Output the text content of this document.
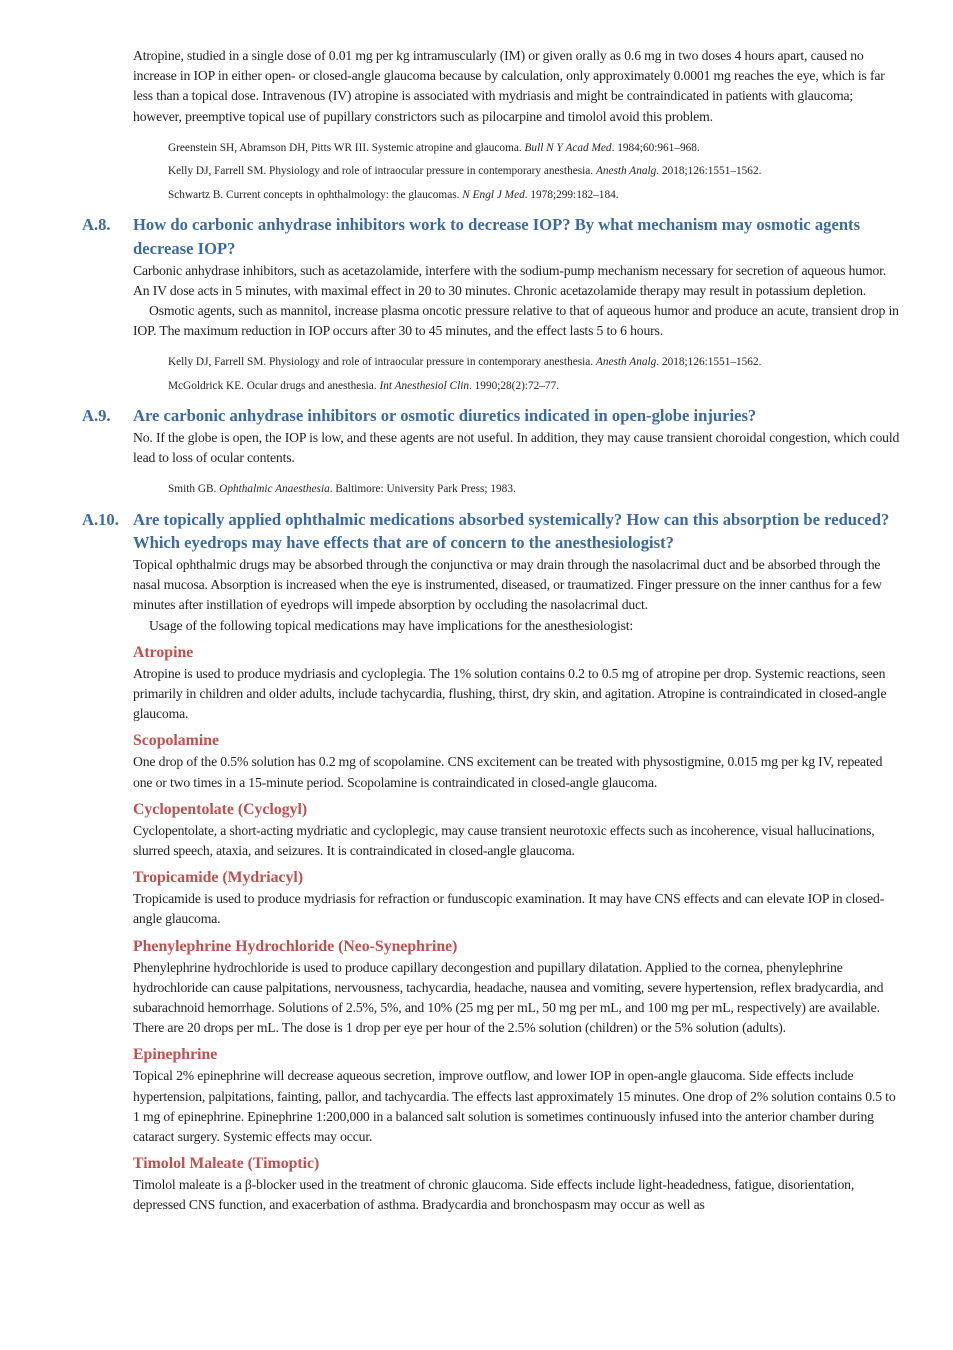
Atropine, studied in a single dose of 0.01 mg per kg intramuscularly (IM) or given orally as 0.6 mg in two doses 4 hours apart, caused no increase in IOP in either open- or closed-angle glaucoma because by calculation, only approximately 0.0001 mg reaches the eye, which is far less than a topical dose. Intravenous (IV) atropine is associated with mydriasis and might be contraindicated in patients with glaucoma; however, preemptive topical use of pupillary constrictors such as pilocarpine and timolol avoid this problem.

Greenstein SH, Abramson DH, Pitts WR III. Systemic atropine and glaucoma. Bull N Y Acad Med. 1984;60:961–968.

Kelly DJ, Farrell SM. Physiology and role of intraocular pressure in contemporary anesthesia. Anesth Analg. 2018;126:1551–1562.

Schwartz B. Current concepts in ophthalmology: the glaucomas. N Engl J Med. 1978;299:182–184.

A.8. How do carbonic anhydrase inhibitors work to decrease IOP? By what mechanism may osmotic agents decrease IOP?

Carbonic anhydrase inhibitors, such as acetazolamide, interfere with the sodium-pump mechanism necessary for secretion of aqueous humor. An IV dose acts in 5 minutes, with maximal effect in 20 to 30 minutes. Chronic acetazolamide therapy may result in potassium depletion.

Osmotic agents, such as mannitol, increase plasma oncotic pressure relative to that of aqueous humor and produce an acute, transient drop in IOP. The maximum reduction in IOP occurs after 30 to 45 minutes, and the effect lasts 5 to 6 hours.

Kelly DJ, Farrell SM. Physiology and role of intraocular pressure in contemporary anesthesia. Anesth Analg. 2018;126:1551–1562.

McGoldrick KE. Ocular drugs and anesthesia. Int Anesthesiol Clin. 1990;28(2):72–77.

A.9. Are carbonic anhydrase inhibitors or osmotic diuretics indicated in open-globe injuries?

No. If the globe is open, the IOP is low, and these agents are not useful. In addition, they may cause transient choroidal congestion, which could lead to loss of ocular contents.

Smith GB. Ophthalmic Anaesthesia. Baltimore: University Park Press; 1983.

A.10. Are topically applied ophthalmic medications absorbed systemically? How can this absorption be reduced? Which eyedrops may have effects that are of concern to the anesthesiologist?

Topical ophthalmic drugs may be absorbed through the conjunctiva or may drain through the nasolacrimal duct and be absorbed through the nasal mucosa. Absorption is increased when the eye is instrumented, diseased, or traumatized. Finger pressure on the inner canthus for a few minutes after instillation of eyedrops will impede absorption by occluding the nasolacrimal duct.

Usage of the following topical medications may have implications for the anesthesiologist:

Atropine

Atropine is used to produce mydriasis and cycloplegia. The 1% solution contains 0.2 to 0.5 mg of atropine per drop. Systemic reactions, seen primarily in children and older adults, include tachycardia, flushing, thirst, dry skin, and agitation. Atropine is contraindicated in closed-angle glaucoma.

Scopolamine

One drop of the 0.5% solution has 0.2 mg of scopolamine. CNS excitement can be treated with physostigmine, 0.015 mg per kg IV, repeated one or two times in a 15-minute period. Scopolamine is contraindicated in closed-angle glaucoma.

Cyclopentolate (Cyclogyl)

Cyclopentolate, a short-acting mydriatic and cycloplegic, may cause transient neurotoxic effects such as incoherence, visual hallucinations, slurred speech, ataxia, and seizures. It is contraindicated in closed-angle glaucoma.

Tropicamide (Mydriacyl)

Tropicamide is used to produce mydriasis for refraction or funduscopic examination. It may have CNS effects and can elevate IOP in closed-angle glaucoma.

Phenylephrine Hydrochloride (Neo-Synephrine)

Phenylephrine hydrochloride is used to produce capillary decongestion and pupillary dilatation. Applied to the cornea, phenylephrine hydrochloride can cause palpitations, nervousness, tachycardia, headache, nausea and vomiting, severe hypertension, reflex bradycardia, and subarachnoid hemorrhage. Solutions of 2.5%, 5%, and 10% (25 mg per mL, 50 mg per mL, and 100 mg per mL, respectively) are available. There are 20 drops per mL. The dose is 1 drop per eye per hour of the 2.5% solution (children) or the 5% solution (adults).

Epinephrine

Topical 2% epinephrine will decrease aqueous secretion, improve outflow, and lower IOP in open-angle glaucoma. Side effects include hypertension, palpitations, fainting, pallor, and tachycardia. The effects last approximately 15 minutes. One drop of 2% solution contains 0.5 to 1 mg of epinephrine. Epinephrine 1:200,000 in a balanced salt solution is sometimes continuously infused into the anterior chamber during cataract surgery. Systemic effects may occur.

Timolol Maleate (Timoptic)

Timolol maleate is a β-blocker used in the treatment of chronic glaucoma. Side effects include light-headedness, fatigue, disorientation, depressed CNS function, and exacerbation of asthma. Bradycardia and bronchospasm may occur as well as
